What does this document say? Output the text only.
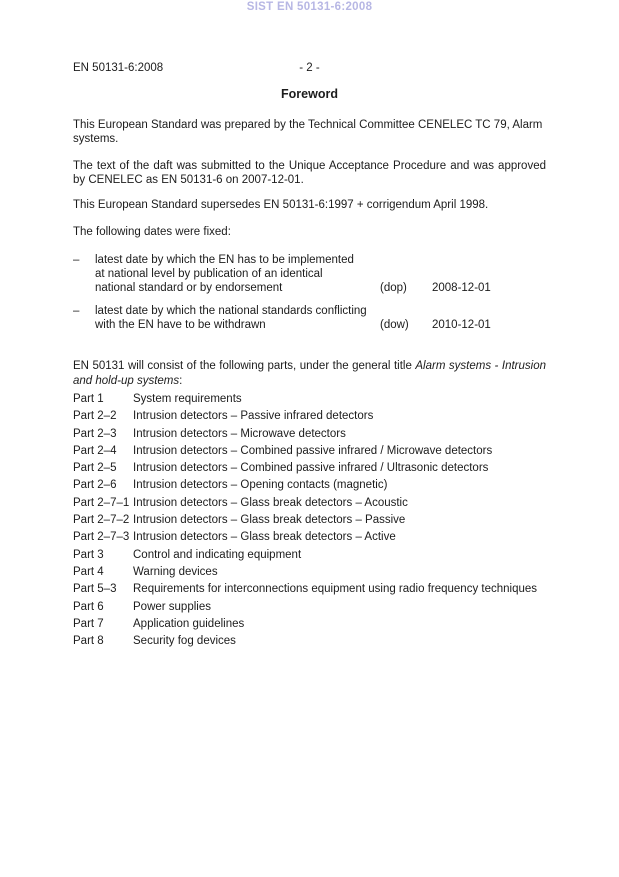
SIST EN 50131-6:2008
EN 50131-6:2008	- 2 -
Foreword
This European Standard was prepared by the Technical Committee CENELEC TC 79, Alarm systems.
The text of the daft was submitted to the Unique Acceptance Procedure and was approved by CENELEC as EN 50131-6 on 2007-12-01.
This European Standard supersedes EN 50131-6:1997 + corrigendum April 1998.
The following dates were fixed:
– latest date by which the EN has to be implemented
at national level by publication of an identical
national standard or by endorsement	(dop) 2008-12-01
– latest date by which the national standards conflicting
with the EN have to be withdrawn	(dow) 2010-12-01
EN 50131 will consist of the following parts, under the general title Alarm systems - Intrusion and hold-up systems:
Part 1	System requirements
Part 2–2	Intrusion detectors – Passive infrared detectors
Part 2–3	Intrusion detectors – Microwave detectors
Part 2–4	Intrusion detectors – Combined passive infrared / Microwave detectors
Part 2–5	Intrusion detectors – Combined passive infrared / Ultrasonic detectors
Part 2–6	Intrusion detectors – Opening contacts (magnetic)
Part 2–7–1 Intrusion detectors – Glass break detectors – Acoustic
Part 2–7–2 Intrusion detectors – Glass break detectors – Passive
Part 2–7–3 Intrusion detectors – Glass break detectors – Active
Part 3	Control and indicating equipment
Part 4	Warning devices
Part 5–3	Requirements for interconnections equipment using radio frequency techniques
Part 6	Power supplies
Part 7	Application guidelines
Part 8	Security fog devices
